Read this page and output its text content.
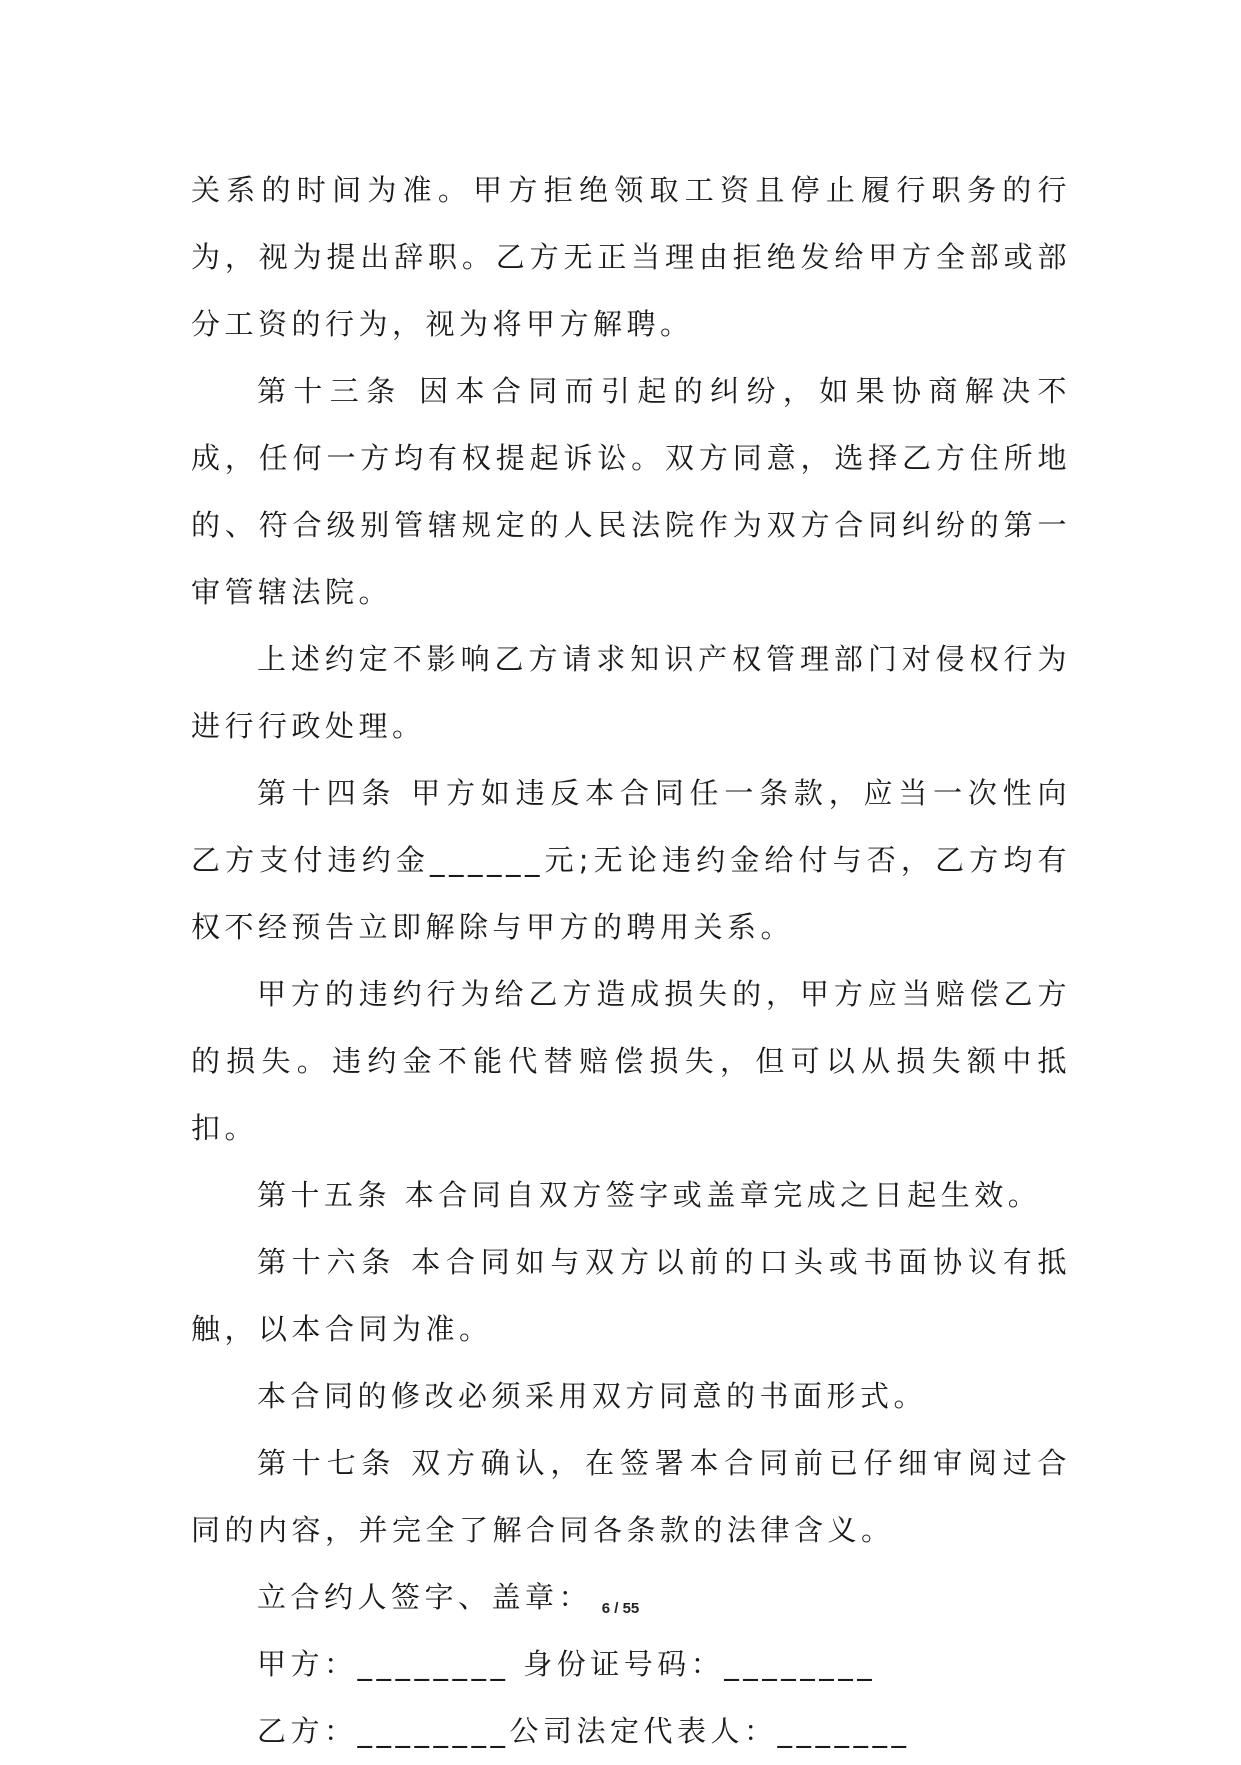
关系的时间为准。甲方拒绝领取工资且停止履行职务的行为，视为提出辞职。乙方无正当理由拒绝发给甲方全部或部分工资的行为，视为将甲方解聘。

第十三条 因本合同而引起的纠纷，如果协商解决不成，任何一方均有权提起诉讼。双方同意，选择乙方住所地的、符合级别管辖规定的人民法院作为双方合同纠纷的第一审管辖法院。

上述约定不影响乙方请求知识产权管理部门对侵权行为进行行政处理。

第十四条 甲方如违反本合同任一条款，应当一次性向乙方支付违约金______元;无论违约金给付与否，乙方均有权不经预告立即解除与甲方的聘用关系。

甲方的违约行为给乙方造成损失的，甲方应当赔偿乙方的损失。违约金不能代替赔偿损失，但可以从损失额中抵扣。

第十五条 本合同自双方签字或盖章完成之日起生效。

第十六条 本合同如与双方以前的口头或书面协议有抵触，以本合同为准。

本合同的修改必须采用双方同意的书面形式。

第十七条 双方确认，在签署本合同前已仔细审阅过合同的内容，并完全了解合同各条款的法律含义。

立合约人签字、盖章：

甲方：________ 身份证号码：________

乙方：________公司法定代表人：_______

6 / 55
